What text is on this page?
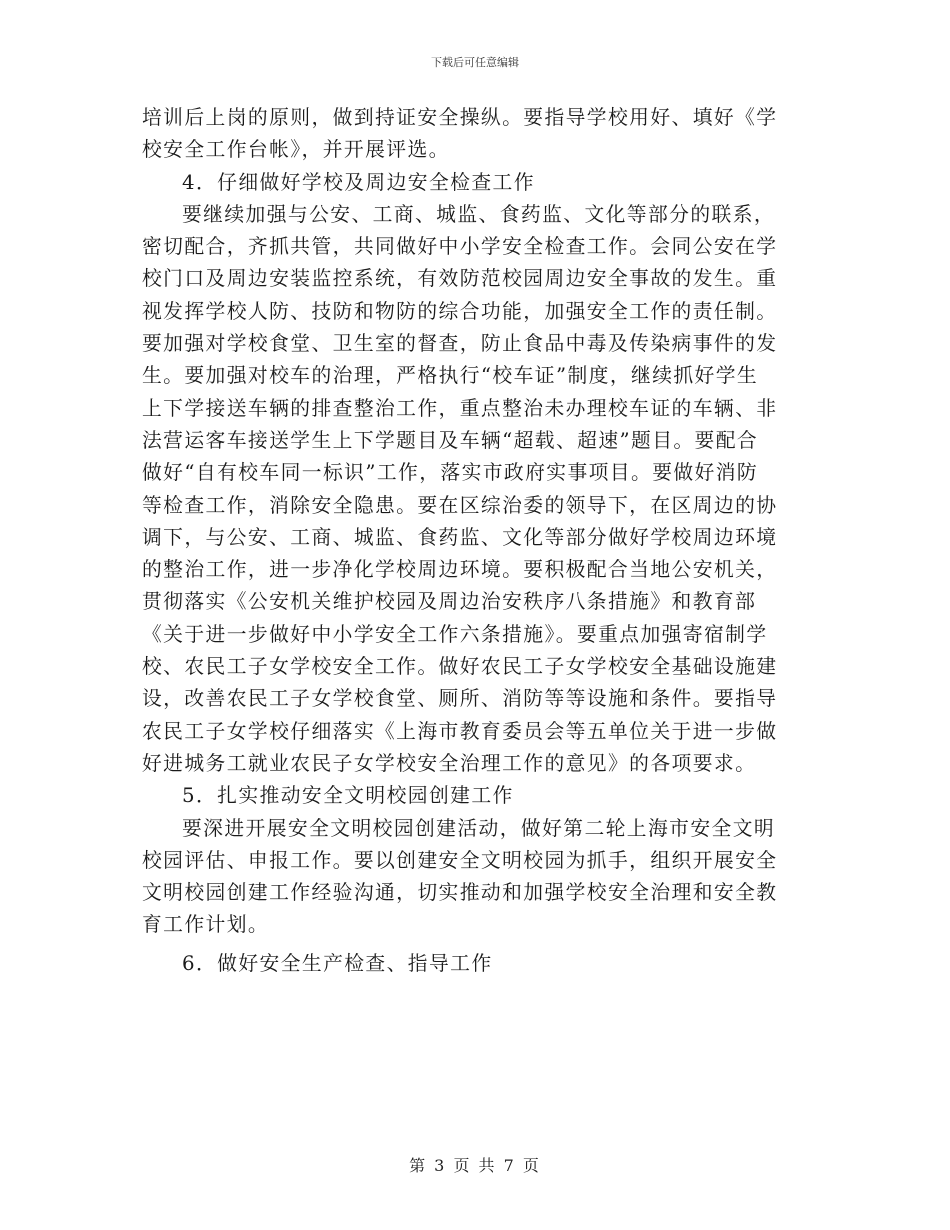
下载后可任意编辑
培训后上岗的原则，做到持证安全操纵。要指导学校用好、填好《学
校安全工作台帐》，并开展评选。
4．仔细做好学校及周边安全检查工作
要继续加强与公安、工商、城监、食药监、文化等部分的联系，
密切配合，齐抓共管，共同做好中小学安全检查工作。会同公安在学
校门口及周边安装监控系统，有效防范校园周边安全事故的发生。重
视发挥学校人防、技防和物防的综合功能，加强安全工作的责任制。
要加强对学校食堂、卫生室的督查，防止食品中毒及传染病事件的发
生。要加强对校车的治理，严格执行“校车证”制度，继续抓好学生
上下学接送车辆的排查整治工作，重点整治未办理校车证的车辆、非
法营运客车接送学生上下学题目及车辆“超载、超速”题目。要配合
做好“自有校车同一标识”工作，落实市政府实事项目。要做好消防
等检查工作，消除安全隐患。要在区综治委的领导下，在区周边的协
调下，与公安、工商、城监、食药监、文化等部分做好学校周边环境
的整治工作，进一步净化学校周边环境。要积极配合当地公安机关，
贯彻落实《公安机关维护校园及周边治安秩序八条措施》和教育部
《关于进一步做好中小学安全工作六条措施》。要重点加强寄宿制学
校、农民工子女学校安全工作。做好农民工子女学校安全基础设施建
设，改善农民工子女学校食堂、厕所、消防等等设施和条件。要指导
农民工子女学校仔细落实《上海市教育委员会等五单位关于进一步做
好进城务工就业农民子女学校安全治理工作的意见》的各项要求。
5．扎实推动安全文明校园创建工作
要深进开展安全文明校园创建活动，做好第二轮上海市安全文明
校园评估、申报工作。要以创建安全文明校园为抓手，组织开展安全
文明校园创建工作经验沟通，切实推动和加强学校安全治理和安全教
育工作计划。
6．做好安全生产检查、指导工作
第 3 页 共 7 页
